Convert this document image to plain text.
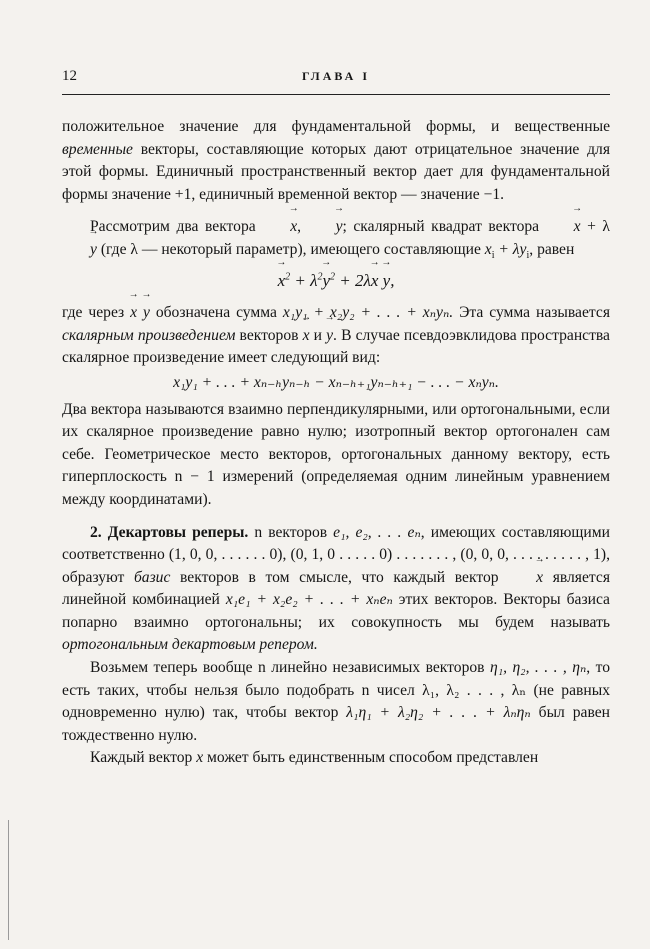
12	ГЛАВА I

положительное значение для фундаментальной формы, и вещественные временные векторы, составляющие которых дают отрицательное значение для этой формы. Единичный пространственный вектор дает для фундаментальной формы значение +1, единичный временной вектор — значение −1.

Рассмотрим два вектора → x, → y; скалярный квадрат вектора → x + λ→ y (где λ — некоторый параметр), имеющего составляющие $x_i + \lambda y_i$, равен

→ $x^2 + \lambda^2\to y^2 + 2\lambda\to x \to y$,

где через → x → y обозначена сумма x₁y₁ + x₂y₂ + . . . + xₙyₙ. Эта сумма называется скалярным произведением векторов → x и → y. В случае псевдоэвклидова пространства скалярное произведение имеет следующий вид:

x₁y₁ + . . . + xₙ₋ₕyₙ₋ₕ − xₙ₋ₕ₊₁yₙ₋ₕ₊₁ − . . . − xₙyₙ.

Два вектора называются взаимно перпендикулярными, или ортогональными, если их скалярное произведение равно нулю; изотропный вектор ортогонален сам себе. Геометрическое место векторов, ортогональных данному вектору, есть гиперплоскость n − 1 измерений (определяемая одним линейным уравнением между координатами).

2. Декартовы реперы. n векторов e₁, e₂, . . . eₙ, имеющих составляющими соответственно (1, 0, 0, . . . . . . 0), (0, 1, 0 . . . . . 0) . . . . . . . , (0, 0, 0, . . . . . . . . . , 1), образуют базис векторов в том смысле, что каждый вектор → x является линейной комбинацией x₁e₁ + x₂e₂ + . . . + xₙeₙ этих векторов. Векторы базиса попарно взаимно ортогональны; их совокупность мы будем называть ортогональным декартовым репером.

Возьмем теперь вообще n линейно независимых векторов η₁, η₂, . . . , ηₙ, то есть таких, чтобы нельзя было подобрать n чисел λ₁, λ₂ . . . , λₙ (не равных одновременно нулю) так, чтобы вектор λ₁η₁ + λ₂η₂ + . . . + λₙηₙ был равен тождественно нулю.

Каждый вектор x может быть единственным способом представлен
